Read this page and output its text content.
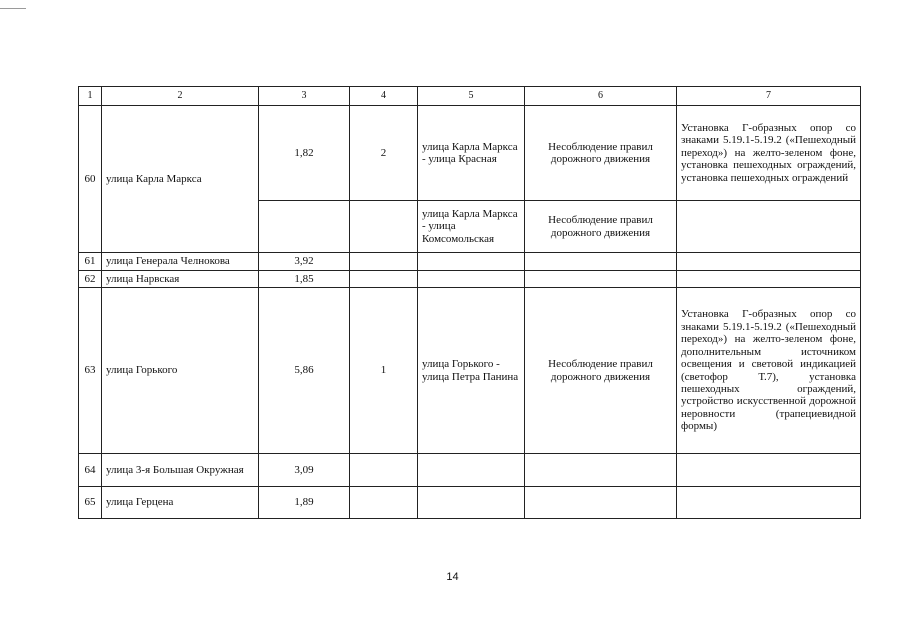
1	2	3	4	5	6	7
60	улица Карла Маркса	1,82	2	улица Карла Маркса - улица Красная	Несоблюдение правил дорожного движения	Установка Г-образных опор со знаками 5.19.1-5.19.2 («Пешеходный переход») на желто-зеленом фоне, установка пешеходных ограждений, установка пешеходных ограждений
				улица Карла Маркса - улица Комсомольская	Несоблюдение правил дорожного движения	
61	улица Генерала Челнокова	3,92				
62	улица Нарвская	1,85				
63	улица Горького	5,86	1	улица Горького - улица Петра Панина	Несоблюдение правил дорожного движения	Установка Г-образных опор со знаками 5.19.1-5.19.2 («Пешеходный переход») на желто-зеленом фоне, дополнительным источником освещения и световой индикацией (светофор Т.7), установка пешеходных ограждений, устройство искусственной дорожной неровности (трапециевидной формы)
64	улица 3-я Большая Окружная	3,09				
65	улица Герцена	1,89				
14
